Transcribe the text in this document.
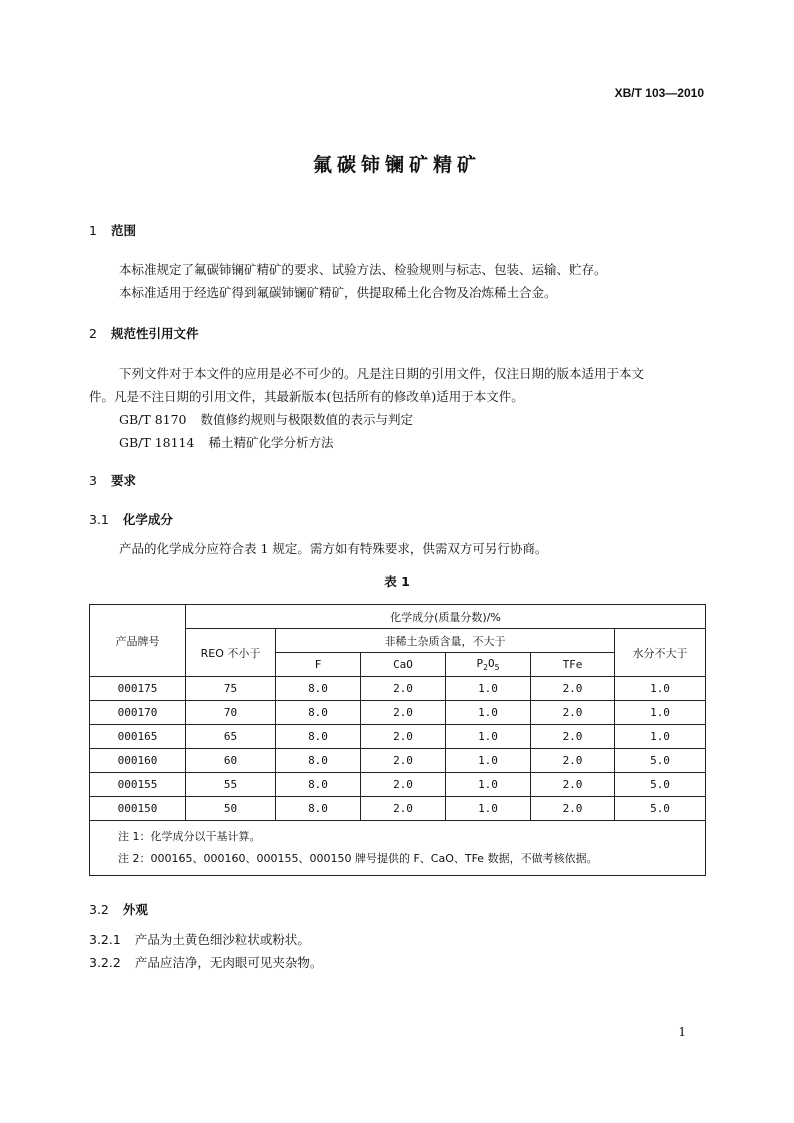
XB/T 103—2010
氟碳铈镧矿精矿
1 范围
本标准规定了氟碳铈镧矿精矿的要求、试验方法、检验规则与标志、包装、运输、贮存。
本标准适用于经选矿得到氟碳铈镧矿精矿，供提取稀土化合物及冶炼稀土合金。
2 规范性引用文件
下列文件对于本文件的应用是必不可少的。凡是注日期的引用文件，仅注日期的版本适用于本文
件。凡是不注日期的引用文件，其最新版本(包括所有的修改单)适用于本文件。
GB/T 8170 数值修约规则与极限数值的表示与判定
GB/T 18114 稀土精矿化学分析方法
3 要求
3.1 化学成分
产品的化学成分应符合表 1 规定。需方如有特殊要求，供需双方可另行协商。
表 1
产品牌号	化学成分(质量分数)/%					
	REO 不小于	非稀土杂质含量，不大于				水分不大于
		F	CaO	$P_2O_5$	TFe	
000175	75	8.0	2.0	1.0	2.0	1.0
000170	70	8.0	2.0	1.0	2.0	1.0
000165	65	8.0	2.0	1.0	2.0	1.0
000160	60	8.0	2.0	1.0	2.0	5.0
000155	55	8.0	2.0	1.0	2.0	5.0
000150	50	8.0	2.0	1.0	2.0	5.0

注 1：化学成分以干基计算。
注 2：000165、000160、000155、000150 牌号提供的 F、CaO、TFe 数据，不做考核依据。						
3.2 外观
3.2.1 产品为土黄色细沙粒状或粉状。
3.2.2 产品应洁净，无肉眼可见夹杂物。
1
